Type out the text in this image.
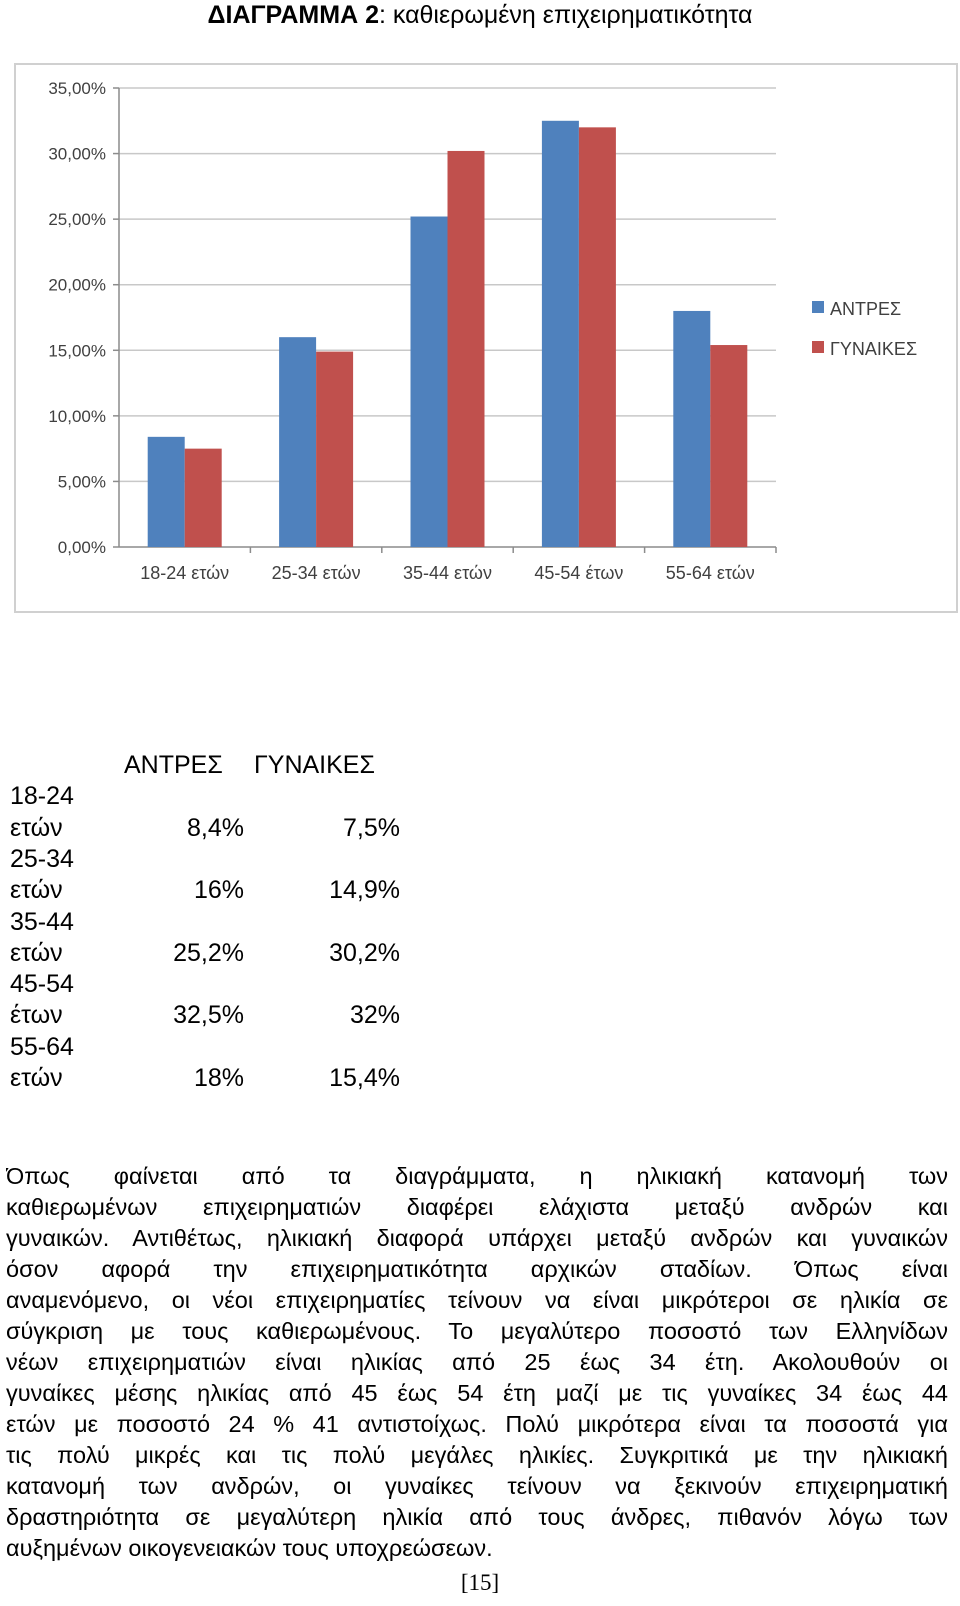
ΔΙΑΓΡΑΜΜΑ 2: καθιερωμένη επιχειρηματικότητα
0,00%
5,00%
10,00%
15,00%
20,00%
25,00%
30,00%
35,00%
18-24 ετών 25-34 ετών 35-44 ετών 45-54 έτων 55-64 ετών
ΑΝΤΡΕΣ
ΓΥΝΑΙΚΕΣ
ΑΝΤΡΕΣ ΓΥΝΑΙΚΕΣ
18-24
ετών	8,4%	7,5%
25-34
ετών	16%	14,9%
35-44
ετών	25,2%	30,2%
45-54
έτων	32,5%	32%
55-64
ετών	18%	15,4%
Όπως φαίνεται από τα διαγράμματα, η ηλικιακή κατανομή των
καθιερωμένων επιχειρηματιών διαφέρει ελάχιστα μεταξύ ανδρών και
γυναικών. Αντιθέτως, ηλικιακή διαφορά υπάρχει μεταξύ ανδρών και γυναικών
όσον αφορά την επιχειρηματικότητα αρχικών σταδίων. Όπως είναι
αναμενόμενο, οι νέοι επιχειρηματίες τείνουν να είναι μικρότεροι σε ηλικία σε
σύγκριση με τους καθιερωμένους. Το μεγαλύτερο ποσοστό των Ελληνίδων
νέων επιχειρηματιών είναι ηλικίας από 25 έως 34 έτη. Ακολουθούν οι
γυναίκες μέσης ηλικίας από 45 έως 54 έτη μαζί με τις γυναίκες 34 έως 44
ετών με ποσοστό 24 % 41 αντιστοίχως. Πολύ μικρότερα είναι τα ποσοστά για
τις πολύ μικρές και τις πολύ μεγάλες ηλικίες. Συγκριτικά με την ηλικιακή
κατανομή των ανδρών, οι γυναίκες τείνουν να ξεκινούν επιχειρηματική
δραστηριότητα σε μεγαλύτερη ηλικία από τους άνδρες, πιθανόν λόγω των
αυξημένων οικογενειακών τους υποχρεώσεων.
[15]
